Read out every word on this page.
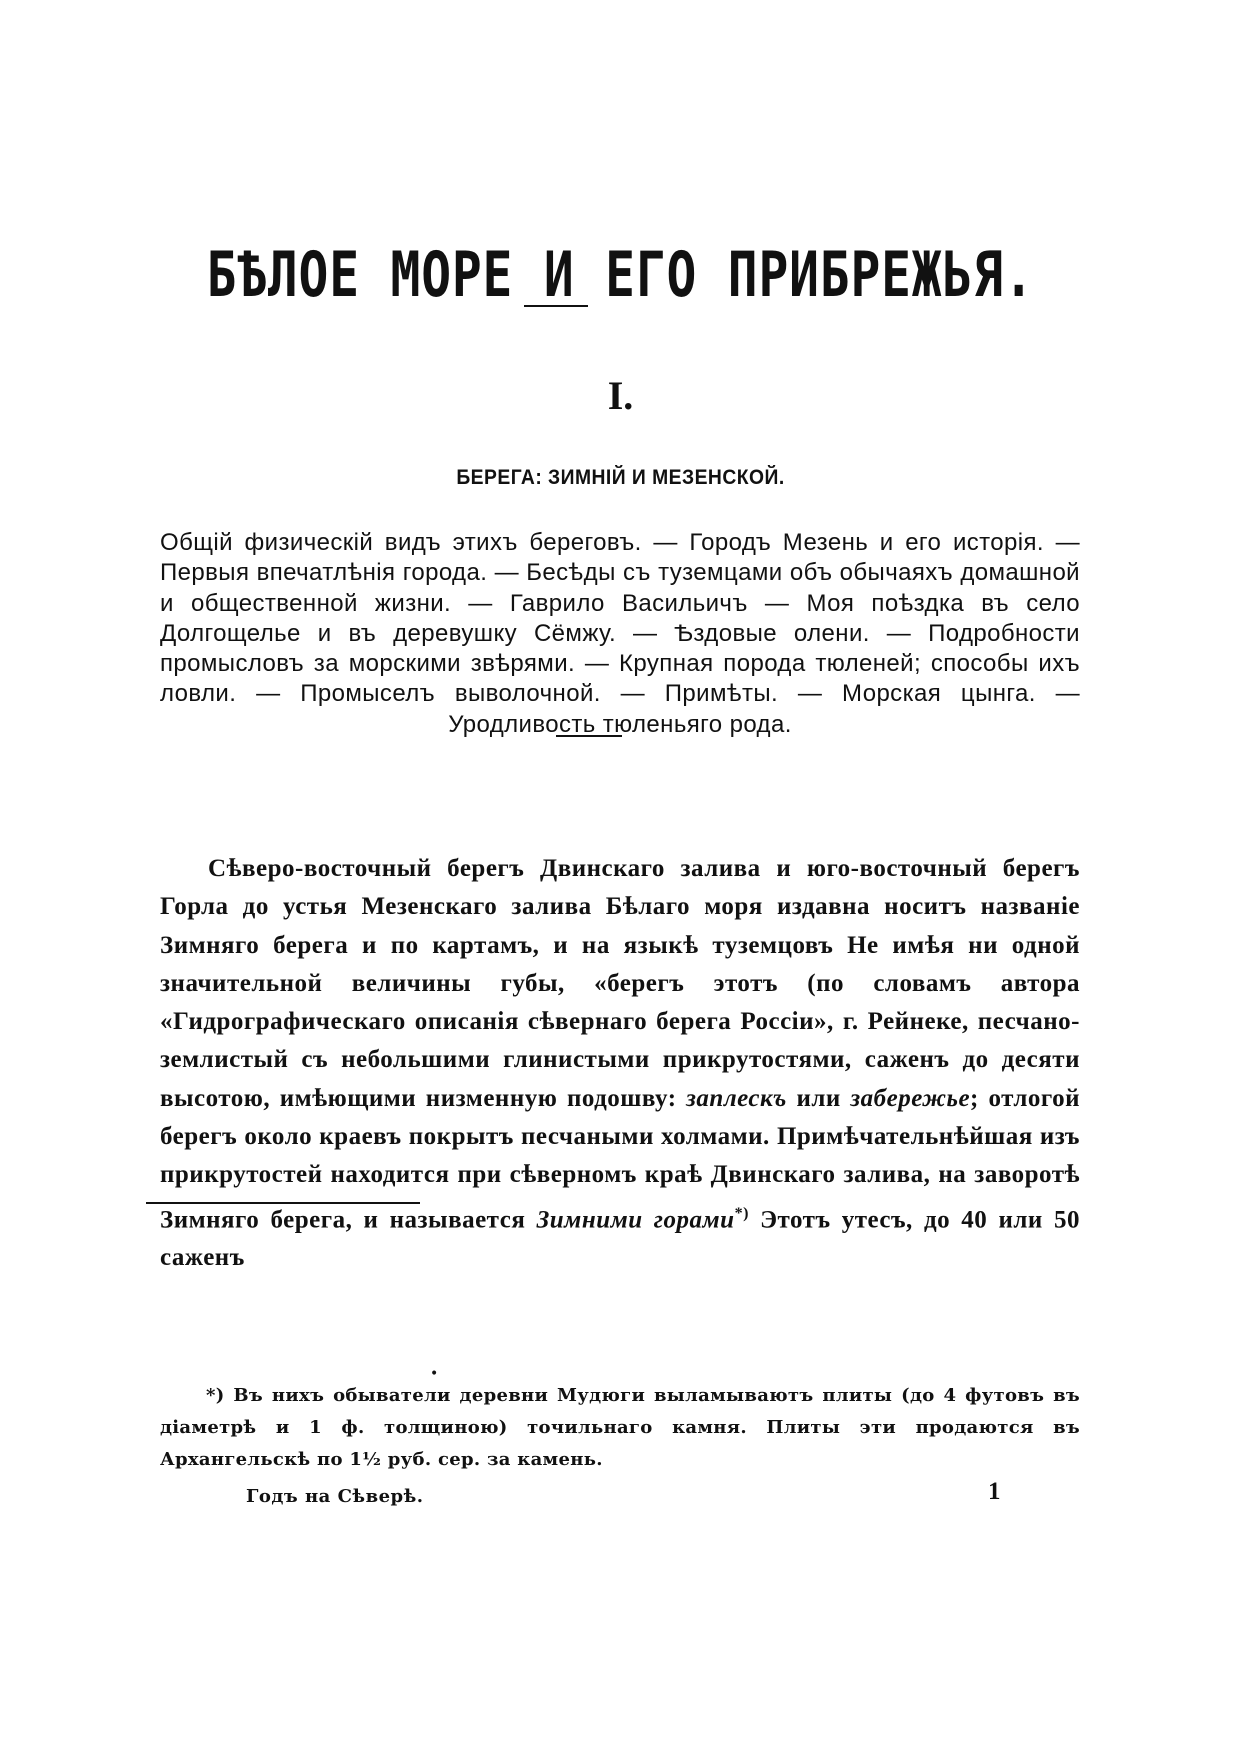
БѢЛОЕ МОРЕ И ЕГО ПРИБРЕЖЬЯ.
I.
БЕРЕГА: ЗИМНІЙ И МЕЗЕНСКОЙ.
Общій физическій видъ этихъ береговъ. — Городъ Мезень и его исторія. — Первыя впечатлѣнія города. — Бесѣды съ туземцами объ обычаяхъ домашной и общественной жизни. — Гаврило Васильичъ — Моя поѣздка въ село Долгощелье и въ деревушку Сёмжу. — Ѣздовые олени. — Подробности промысловъ за морскими звѣрями. — Крупная порода тюленей; способы ихъ ловли. — Промыселъ выволочной. — Примѣты. — Морская цынга. — Уродливость тюленьяго рода.

Сѣверо-восточный берегъ Двинскаго залива и юго-восточный берегъ Горла до устья Мезенскаго залива Бѣлаго моря издавна носитъ названіе Зимняго берега и по картамъ, и на языкѣ туземцовъ Не имѣя ни одной значительной величины губы, «берегъ этотъ (по словамъ автора «Гидрографическаго описанія сѣвернаго берега Россіи», г. Рейнеке, песчано-землистый съ небольшими глинистыми прикрутостями, саженъ до десяти высотою, имѣющими низменную подошву: заплескъ или забережье; отлогой берегъ около краевъ покрытъ песчаными холмами. Примѣчательнѣйшая изъ прикрутостей находится при сѣверномъ краѣ Двинскаго залива, на заворотѣ Зимняго берега, и называется Зимними горами*) Этотъ утесъ, до 40 или 50 саженъ

•

*) Въ нихъ обыватели деревни Мудюги выламываютъ плиты (до 4 футовъ въ діаметрѣ и 1 ф. толщиною) точильнаго камня. Плиты эти продаются въ Архангельскѣ по 1½ руб. сер. за камень.

Годъ на Сѣверѣ.	1
